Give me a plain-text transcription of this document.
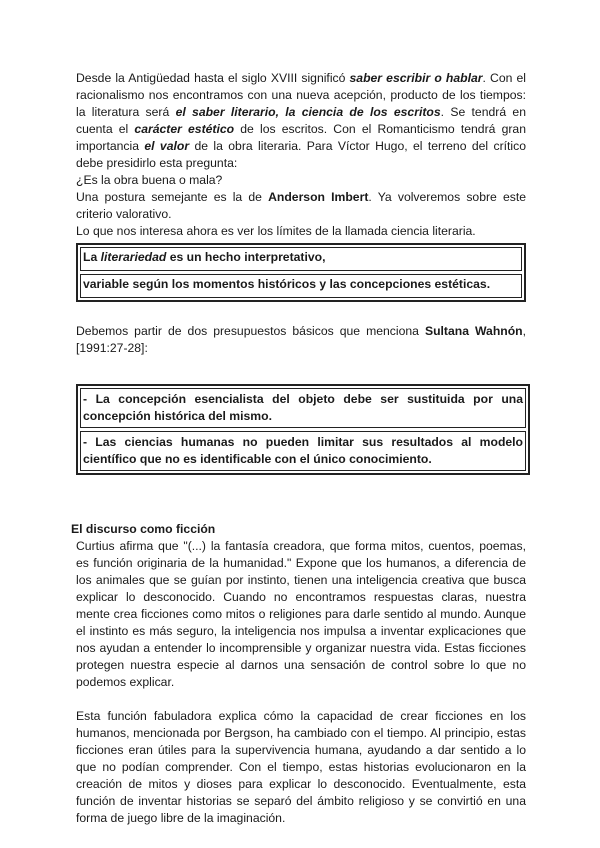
Desde la Antigüedad hasta el siglo XVIII significó saber escribir o hablar. Con el racionalismo nos encontramos con una nueva acepción, producto de los tiempos: la literatura será el saber literario, la ciencia de los escritos. Se tendrá en cuenta el carácter estético de los escritos. Con el Romanticismo tendrá gran importancia el valor de la obra literaria. Para Víctor Hugo, el terreno del crítico debe presidirlo esta pregunta:

¿Es la obra buena o mala?

Una postura semejante es la de Anderson Imbert. Ya volveremos sobre este criterio valorativo.

Lo que nos interesa ahora es ver los límites de la llamada ciencia literaria.

La literariedad es un hecho interpretativo,
variable según los momentos históricos y las concepciones estéticas.

Debemos partir de dos presupuestos básicos que menciona Sultana Wahnón, [1991:27-28]:

- La concepción esencialista del objeto debe ser sustituida por una concepción histórica del mismo.
- Las ciencias humanas no pueden limitar sus resultados al modelo científico que no es identificable con el único conocimiento.

El discurso como ficción

Curtius afirma que "(...) la fantasía creadora, que forma mitos, cuentos, poemas, es función originaria de la humanidad." Expone que los humanos, a diferencia de los animales que se guían por instinto, tienen una inteligencia creativa que busca explicar lo desconocido. Cuando no encontramos respuestas claras, nuestra mente crea ficciones como mitos o religiones para darle sentido al mundo. Aunque el instinto es más seguro, la inteligencia nos impulsa a inventar explicaciones que nos ayudan a entender lo incomprensible y organizar nuestra vida. Estas ficciones protegen nuestra especie al darnos una sensación de control sobre lo que no podemos explicar.

Esta función fabuladora explica cómo la capacidad de crear ficciones en los humanos, mencionada por Bergson, ha cambiado con el tiempo. Al principio, estas ficciones eran útiles para la supervivencia humana, ayudando a dar sentido a lo que no podían comprender. Con el tiempo, estas historias evolucionaron en la creación de mitos y dioses para explicar lo desconocido. Eventualmente, esta función de inventar historias se separó del ámbito religioso y se convirtió en una forma de juego libre de la imaginación.
